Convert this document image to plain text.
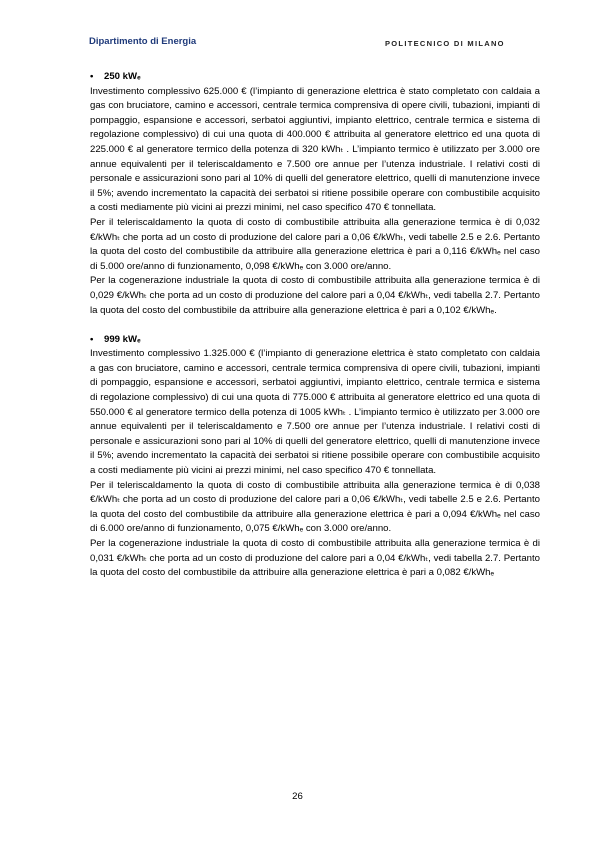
Dipartimento di Energia	POLITECNICO DI MILANO

• 250 kWₑ

Investimento complessivo 625.000 € (l’impianto di generazione elettrica è stato completato con caldaia a gas con bruciatore, camino e accessori, centrale termica comprensiva di opere civili, tubazioni, impianti di pompaggio, espansione e accessori, serbatoi aggiuntivi, impianto elettrico, centrale termica e sistema di regolazione complessivo) di cui una quota di 400.000 € attribuita al generatore elettrico ed una quota di 225.000 € al generatore termico della potenza di 320 kWhₜ . L’impianto termico è utilizzato per 3.000 ore annue equivalenti per il teleriscaldamento e 7.500 ore annue per l’utenza industriale. I relativi costi di personale e assicurazioni sono pari al 10% di quelli del generatore elettrico, quelli di manutenzione invece il 5%; avendo incrementato la capacità dei serbatoi si ritiene possibile operare con combustibile acquisito a costi mediamente più vicini ai prezzi minimi, nel caso specifico 470 € tonnellata.

Per il teleriscaldamento la quota di costo di combustibile attribuita alla generazione termica è di 0,032 €/kWhₜ che porta ad un costo di produzione del calore pari a 0,06 €/kWhₜ, vedi tabelle 2.5 e 2.6. Pertanto la quota del costo del combustibile da attribuire alla generazione elettrica è pari a 0,116 €/kWhₑ nel caso di 5.000 ore/anno di funzionamento, 0,098 €/kWhₑ con 3.000 ore/anno.

Per la cogenerazione industriale la quota di costo di combustibile attribuita alla generazione termica è di 0,029 €/kWhₜ che porta ad un costo di produzione del calore pari a 0,04 €/kWhₜ, vedi tabella 2.7. Pertanto la quota del costo del combustibile da attribuire alla generazione elettrica è pari a 0,102 €/kWhₑ.

• 999 kWₑ

Investimento complessivo 1.325.000 € (l’impianto di generazione elettrica è stato completato con caldaia a gas con bruciatore, camino e accessori, centrale termica comprensiva di opere civili, tubazioni, impianti di pompaggio, espansione e accessori, serbatoi aggiuntivi, impianto elettrico, centrale termica e sistema di regolazione complessivo) di cui una quota di 775.000 € attribuita al generatore elettrico ed una quota di 550.000 € al generatore termico della potenza di 1005 kWhₜ . L’impianto termico è utilizzato per 3.000 ore annue equivalenti per il teleriscaldamento e 7.500 ore annue per l’utenza industriale. I relativi costi di personale e assicurazioni sono pari al 10% di quelli del generatore elettrico, quelli di manutenzione invece il 5%; avendo incrementato la capacità dei serbatoi si ritiene possibile operare con combustibile acquisito a costi mediamente più vicini ai prezzi minimi, nel caso specifico 470 € tonnellata.

Per il teleriscaldamento la quota di costo di combustibile attribuita alla generazione termica è di 0,038 €/kWhₜ che porta ad un costo di produzione del calore pari a 0,06 €/kWhₜ, vedi tabelle 2.5 e 2.6. Pertanto la quota del costo del combustibile da attribuire alla generazione elettrica è pari a 0,094 €/kWhₑ nel caso di 6.000 ore/anno di funzionamento, 0,075 €/kWhₑ con 3.000 ore/anno.

Per la cogenerazione industriale la quota di costo di combustibile attribuita alla generazione termica è di 0,031 €/kWhₜ che porta ad un costo di produzione del calore pari a 0,04 €/kWhₜ, vedi tabella 2.7. Pertanto la quota del costo del combustibile da attribuire alla generazione elettrica è pari a 0,082 €/kWhₑ

26
